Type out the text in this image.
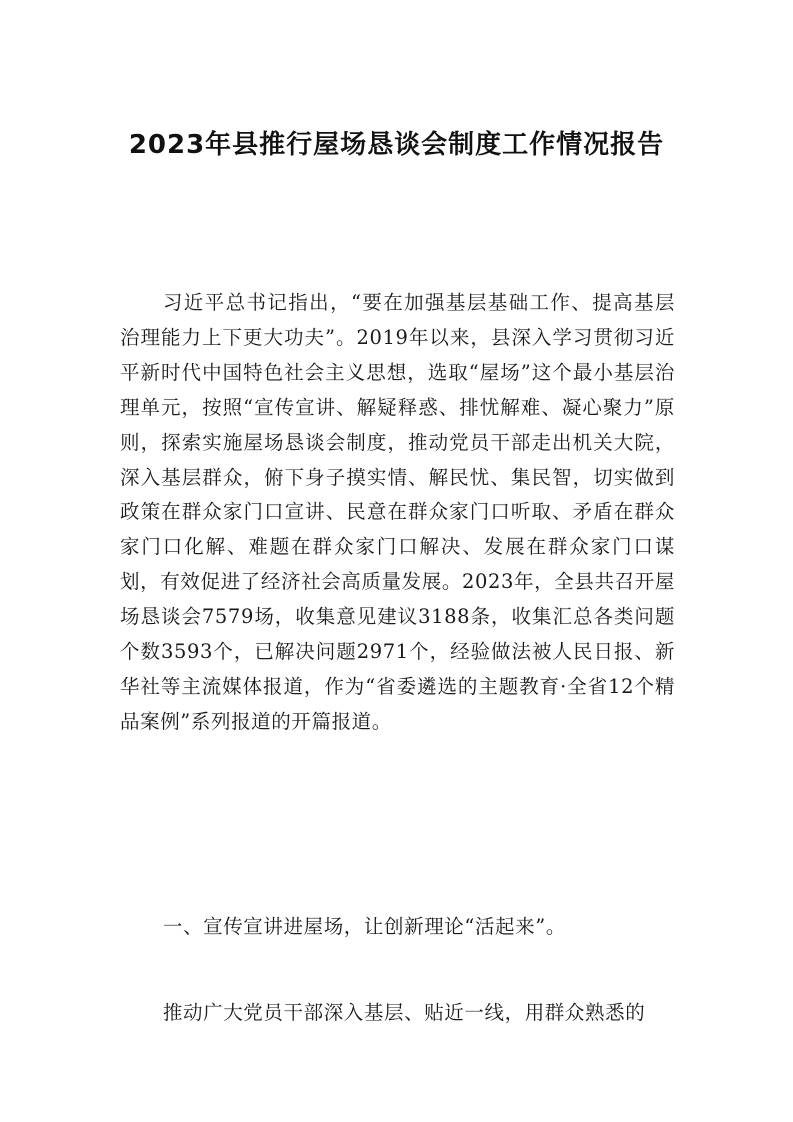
2023年县推行屋场恳谈会制度工作情况报告

习近平总书记指出，“要在加强基层基础工作、提高基层治理能力上下更大功夫”。2019年以来，县深入学习贯彻习近平新时代中国特色社会主义思想，选取“屋场”这个最小基层治理单元，按照“宣传宣讲、解疑释惑、排忧解难、凝心聚力”原则，探索实施屋场恳谈会制度，推动党员干部走出机关大院，深入基层群众，俯下身子摸实情、解民忧、集民智，切实做到政策在群众家门口宣讲、民意在群众家门口听取、矛盾在群众家门口化解、难题在群众家门口解决、发展在群众家门口谋划，有效促进了经济社会高质量发展。2023年，全县共召开屋场恳谈会7579场，收集意见建议3188条，收集汇总各类问题个数3593个，已解决问题2971个，经验做法被人民日报、新华社等主流媒体报道，作为“省委遴选的主题教育·全省12个精品案例”系列报道的开篇报道。

一、宣传宣讲进屋场，让创新理论“活起来”。

推动广大党员干部深入基层、贴近一线，用群众熟悉的
